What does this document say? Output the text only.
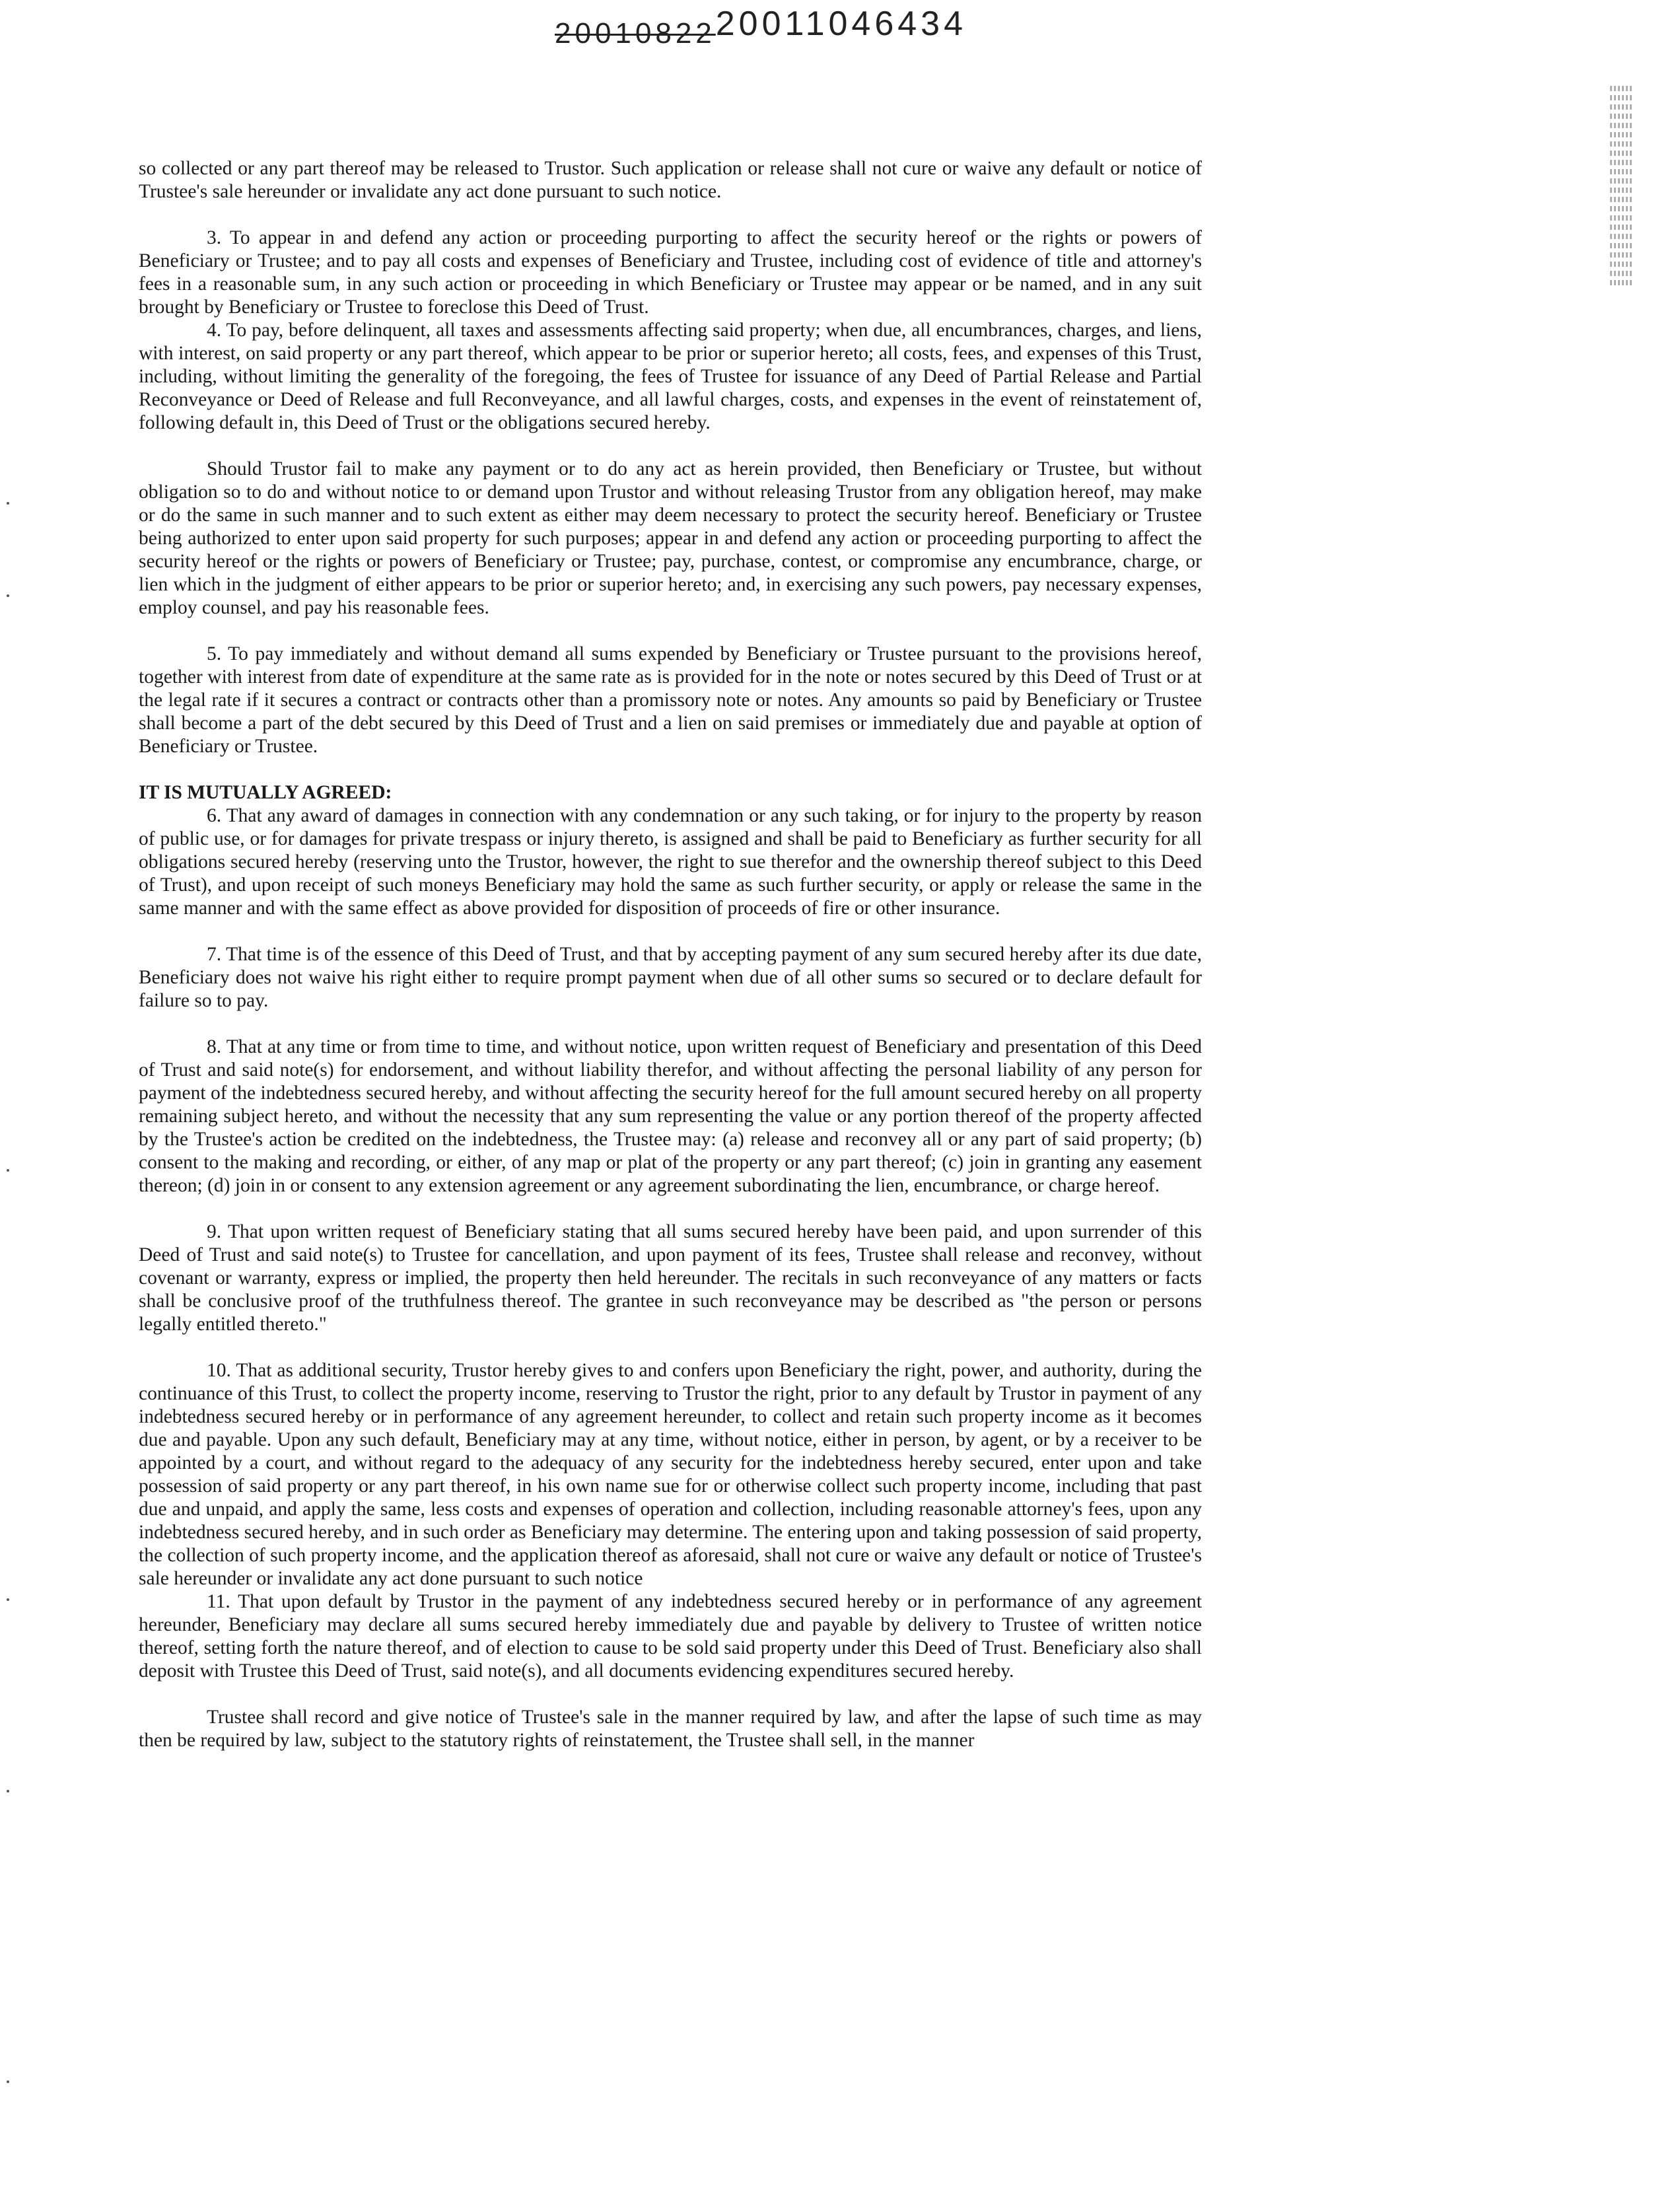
2001082220011046434

so collected or any part thereof may be released to Trustor. Such application or release shall not cure or waive any default or notice of Trustee's sale hereunder or invalidate any act done pursuant to such notice.

3. To appear in and defend any action or proceeding purporting to affect the security hereof or the rights or powers of Beneficiary or Trustee; and to pay all costs and expenses of Beneficiary and Trustee, including cost of evidence of title and attorney's fees in a reasonable sum, in any such action or proceeding in which Beneficiary or Trustee may appear or be named, and in any suit brought by Beneficiary or Trustee to foreclose this Deed of Trust.

4. To pay, before delinquent, all taxes and assessments affecting said property; when due, all encumbrances, charges, and liens, with interest, on said property or any part thereof, which appear to be prior or superior hereto; all costs, fees, and expenses of this Trust, including, without limiting the generality of the foregoing, the fees of Trustee for issuance of any Deed of Partial Release and Partial Reconveyance or Deed of Release and full Reconveyance, and all lawful charges, costs, and expenses in the event of reinstatement of, following default in, this Deed of Trust or the obligations secured hereby.

Should Trustor fail to make any payment or to do any act as herein provided, then Beneficiary or Trustee, but without obligation so to do and without notice to or demand upon Trustor and without releasing Trustor from any obligation hereof, may make or do the same in such manner and to such extent as either may deem necessary to protect the security hereof. Beneficiary or Trustee being authorized to enter upon said property for such purposes; appear in and defend any action or proceeding purporting to affect the security hereof or the rights or powers of Beneficiary or Trustee; pay, purchase, contest, or compromise any encumbrance, charge, or lien which in the judgment of either appears to be prior or superior hereto; and, in exercising any such powers, pay necessary expenses, employ counsel, and pay his reasonable fees.

5. To pay immediately and without demand all sums expended by Beneficiary or Trustee pursuant to the provisions hereof, together with interest from date of expenditure at the same rate as is provided for in the note or notes secured by this Deed of Trust or at the legal rate if it secures a contract or contracts other than a promissory note or notes. Any amounts so paid by Beneficiary or Trustee shall become a part of the debt secured by this Deed of Trust and a lien on said premises or immediately due and payable at option of Beneficiary or Trustee.

IT IS MUTUALLY AGREED:

6. That any award of damages in connection with any condemnation or any such taking, or for injury to the property by reason of public use, or for damages for private trespass or injury thereto, is assigned and shall be paid to Beneficiary as further security for all obligations secured hereby (reserving unto the Trustor, however, the right to sue therefor and the ownership thereof subject to this Deed of Trust), and upon receipt of such moneys Beneficiary may hold the same as such further security, or apply or release the same in the same manner and with the same effect as above provided for disposition of proceeds of fire or other insurance.

7. That time is of the essence of this Deed of Trust, and that by accepting payment of any sum secured hereby after its due date, Beneficiary does not waive his right either to require prompt payment when due of all other sums so secured or to declare default for failure so to pay.

8. That at any time or from time to time, and without notice, upon written request of Beneficiary and presentation of this Deed of Trust and said note(s) for endorsement, and without liability therefor, and without affecting the personal liability of any person for payment of the indebtedness secured hereby, and without affecting the security hereof for the full amount secured hereby on all property remaining subject hereto, and without the necessity that any sum representing the value or any portion thereof of the property affected by the Trustee's action be credited on the indebtedness, the Trustee may: (a) release and reconvey all or any part of said property; (b) consent to the making and recording, or either, of any map or plat of the property or any part thereof; (c) join in granting any easement thereon; (d) join in or consent to any extension agreement or any agreement subordinating the lien, encumbrance, or charge hereof.

9. That upon written request of Beneficiary stating that all sums secured hereby have been paid, and upon surrender of this Deed of Trust and said note(s) to Trustee for cancellation, and upon payment of its fees, Trustee shall release and reconvey, without covenant or warranty, express or implied, the property then held hereunder. The recitals in such reconveyance of any matters or facts shall be conclusive proof of the truthfulness thereof. The grantee in such reconveyance may be described as "the person or persons legally entitled thereto."

10. That as additional security, Trustor hereby gives to and confers upon Beneficiary the right, power, and authority, during the continuance of this Trust, to collect the property income, reserving to Trustor the right, prior to any default by Trustor in payment of any indebtedness secured hereby or in performance of any agreement hereunder, to collect and retain such property income as it becomes due and payable. Upon any such default, Beneficiary may at any time, without notice, either in person, by agent, or by a receiver to be appointed by a court, and without regard to the adequacy of any security for the indebtedness hereby secured, enter upon and take possession of said property or any part thereof, in his own name sue for or otherwise collect such property income, including that past due and unpaid, and apply the same, less costs and expenses of operation and collection, including reasonable attorney's fees, upon any indebtedness secured hereby, and in such order as Beneficiary may determine. The entering upon and taking possession of said property, the collection of such property income, and the application thereof as aforesaid, shall not cure or waive any default or notice of Trustee's sale hereunder or invalidate any act done pursuant to such notice

11. That upon default by Trustor in the payment of any indebtedness secured hereby or in performance of any agreement hereunder, Beneficiary may declare all sums secured hereby immediately due and payable by delivery to Trustee of written notice thereof, setting forth the nature thereof, and of election to cause to be sold said property under this Deed of Trust. Beneficiary also shall deposit with Trustee this Deed of Trust, said note(s), and all documents evidencing expenditures secured hereby.

Trustee shall record and give notice of Trustee's sale in the manner required by law, and after the lapse of such time as may then be required by law, subject to the statutory rights of reinstatement, the Trustee shall sell, in the manner
